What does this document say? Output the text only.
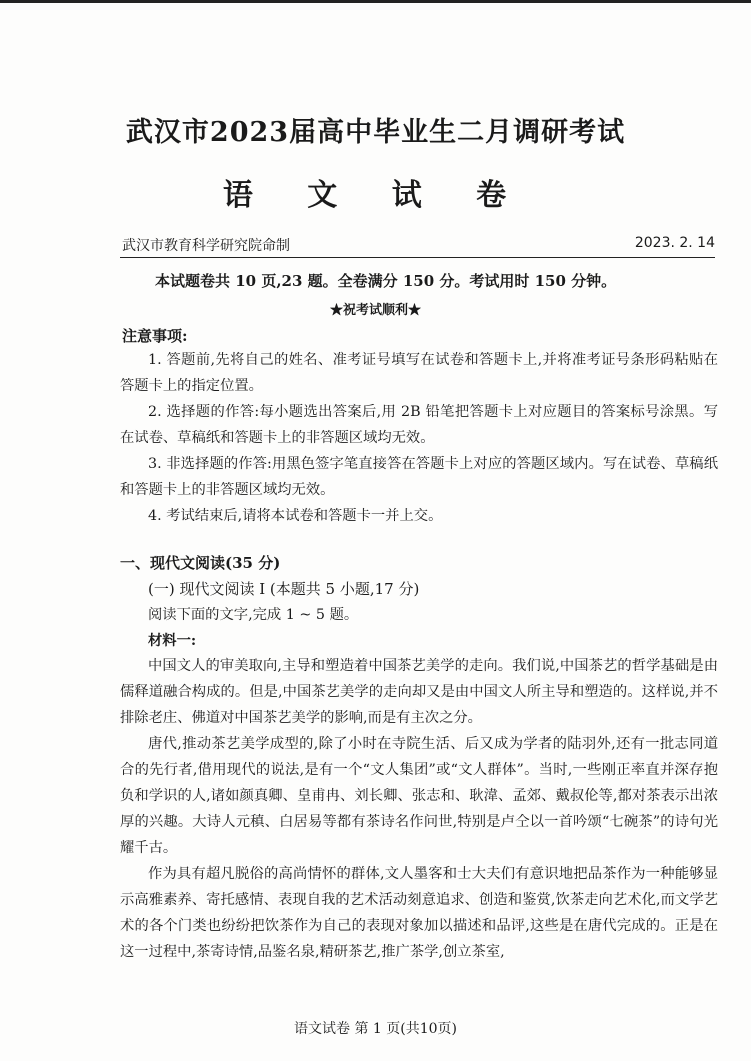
武汉市2023届高中毕业生二月调研考试
语 文 试 卷
武汉市教育科学研究院命制	2023. 2. 14
本试题卷共 10 页,23 题。全卷满分 150 分。考试用时 150 分钟。
★祝考试顺利★
注意事项:

1. 答题前,先将自己的姓名、准考证号填写在试卷和答题卡上,并将准考证号条形码粘贴在答题卡上的指定位置。

2. 选择题的作答:每小题选出答案后,用 2B 铅笔把答题卡上对应题目的答案标号涂黑。写在试卷、草稿纸和答题卡上的非答题区域均无效。

3. 非选择题的作答:用黑色签字笔直接答在答题卡上对应的答题区域内。写在试卷、草稿纸和答题卡上的非答题区域均无效。

4. 考试结束后,请将本试卷和答题卡一并上交。

一、现代文阅读(35 分)
(一) 现代文阅读 I (本题共 5 小题,17 分)
阅读下面的文字,完成 1 ~ 5 题。
材料一:

中国文人的审美取向,主导和塑造着中国茶艺美学的走向。我们说,中国茶艺的哲学基础是由儒释道融合构成的。但是,中国茶艺美学的走向却又是由中国文人所主导和塑造的。这样说,并不排除老庄、佛道对中国茶艺美学的影响,而是有主次之分。

唐代,推动茶艺美学成型的,除了小时在寺院生活、后又成为学者的陆羽外,还有一批志同道合的先行者,借用现代的说法,是有一个“文人集团”或“文人群体”。当时,一些刚正率直并深存抱负和学识的人,诸如颜真卿、皇甫冉、刘长卿、张志和、耿湋、孟郊、戴叔伦等,都对茶表示出浓厚的兴趣。大诗人元稹、白居易等都有茶诗名作问世,特别是卢仝以一首吟颂“七碗茶”的诗句光耀千古。

作为具有超凡脱俗的高尚情怀的群体,文人墨客和士大夫们有意识地把品茶作为一种能够显示高雅素养、寄托感情、表现自我的艺术活动刻意追求、创造和鉴赏,饮茶走向艺术化,而文学艺术的各个门类也纷纷把饮茶作为自己的表现对象加以描述和品评,这些是在唐代完成的。正是在这一过程中,茶寄诗情,品鉴名泉,精研茶艺,推广茶学,创立茶室,

语文试卷 第 1 页(共10页)
